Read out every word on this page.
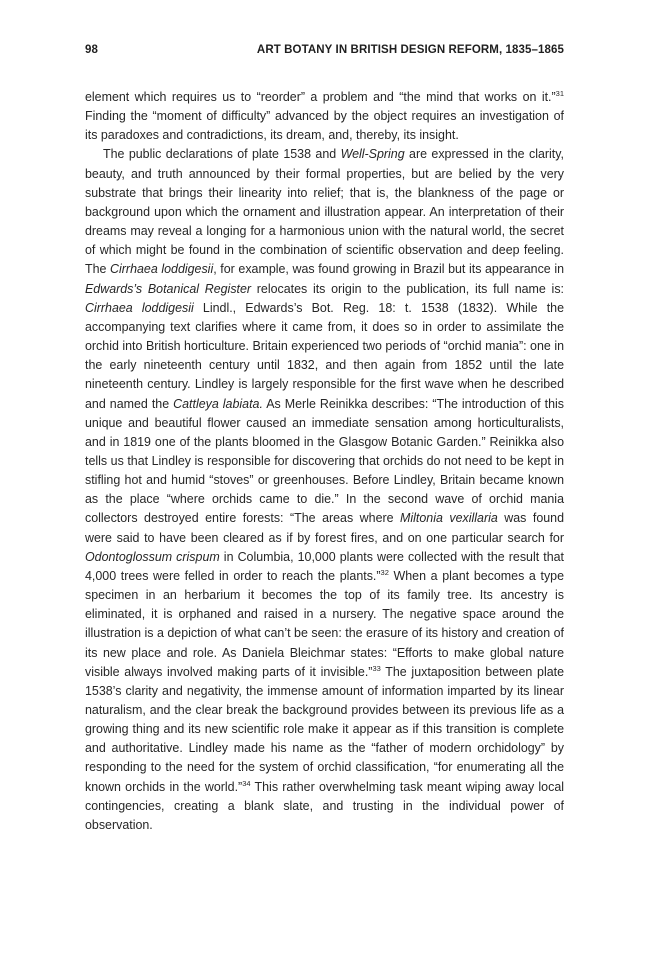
98	ART BOTANY IN BRITISH DESIGN REFORM, 1835–1865

element which requires us to “reorder” a problem and “the mind that works on it.”$^{31}$ Finding the “moment of difficulty” advanced by the object requires an investigation of its paradoxes and contradictions, its dream, and, thereby, its insight.

The public declarations of plate 1538 and Well-Spring are expressed in the clarity, beauty, and truth announced by their formal properties, but are belied by the very substrate that brings their linearity into relief; that is, the blankness of the page or background upon which the ornament and illustration appear. An interpretation of their dreams may reveal a longing for a harmonious union with the natural world, the secret of which might be found in the combination of scientific observation and deep feeling. The Cirrhaea loddigesii, for example, was found growing in Brazil but its appearance in Edwards’s Botanical Register relocates its origin to the publication, its full name is: Cirrhaea loddigesii Lindl., Edwards’s Bot. Reg. 18: t. 1538 (1832). While the accompanying text clarifies where it came from, it does so in order to assimilate the orchid into British horticulture. Britain experienced two periods of “orchid mania”: one in the early nineteenth century until 1832, and then again from 1852 until the late nineteenth century. Lindley is largely responsible for the first wave when he described and named the Cattleya labiata. As Merle Reinikka describes: “The introduction of this unique and beautiful flower caused an immediate sensation among horticulturalists, and in 1819 one of the plants bloomed in the Glasgow Botanic Garden.” Reinikka also tells us that Lindley is responsible for discovering that orchids do not need to be kept in stifling hot and humid “stoves” or greenhouses. Before Lindley, Britain became known as the place “where orchids came to die.” In the second wave of orchid mania collectors destroyed entire forests: “The areas where Miltonia vexillaria was found were said to have been cleared as if by forest fires, and on one particular search for Odontoglossum crispum in Columbia, 10,000 plants were collected with the result that 4,000 trees were felled in order to reach the plants.”$^{32}$ When a plant becomes a type specimen in an herbarium it becomes the top of its family tree. Its ancestry is eliminated, it is orphaned and raised in a nursery. The negative space around the illustration is a depiction of what can’t be seen: the erasure of its history and creation of its new place and role. As Daniela Bleichmar states: “Efforts to make global nature visible always involved making parts of it invisible.”$^{33}$ The juxtaposition between plate 1538’s clarity and negativity, the immense amount of information imparted by its linear naturalism, and the clear break the background provides between its previous life as a growing thing and its new scientific role make it appear as if this transition is complete and authoritative. Lindley made his name as the “father of modern orchidology” by responding to the need for the system of orchid classification, “for enumerating all the known orchids in the world.”$^{34}$ This rather overwhelming task meant wiping away local contingencies, creating a blank slate, and trusting in the individual power of observation.
